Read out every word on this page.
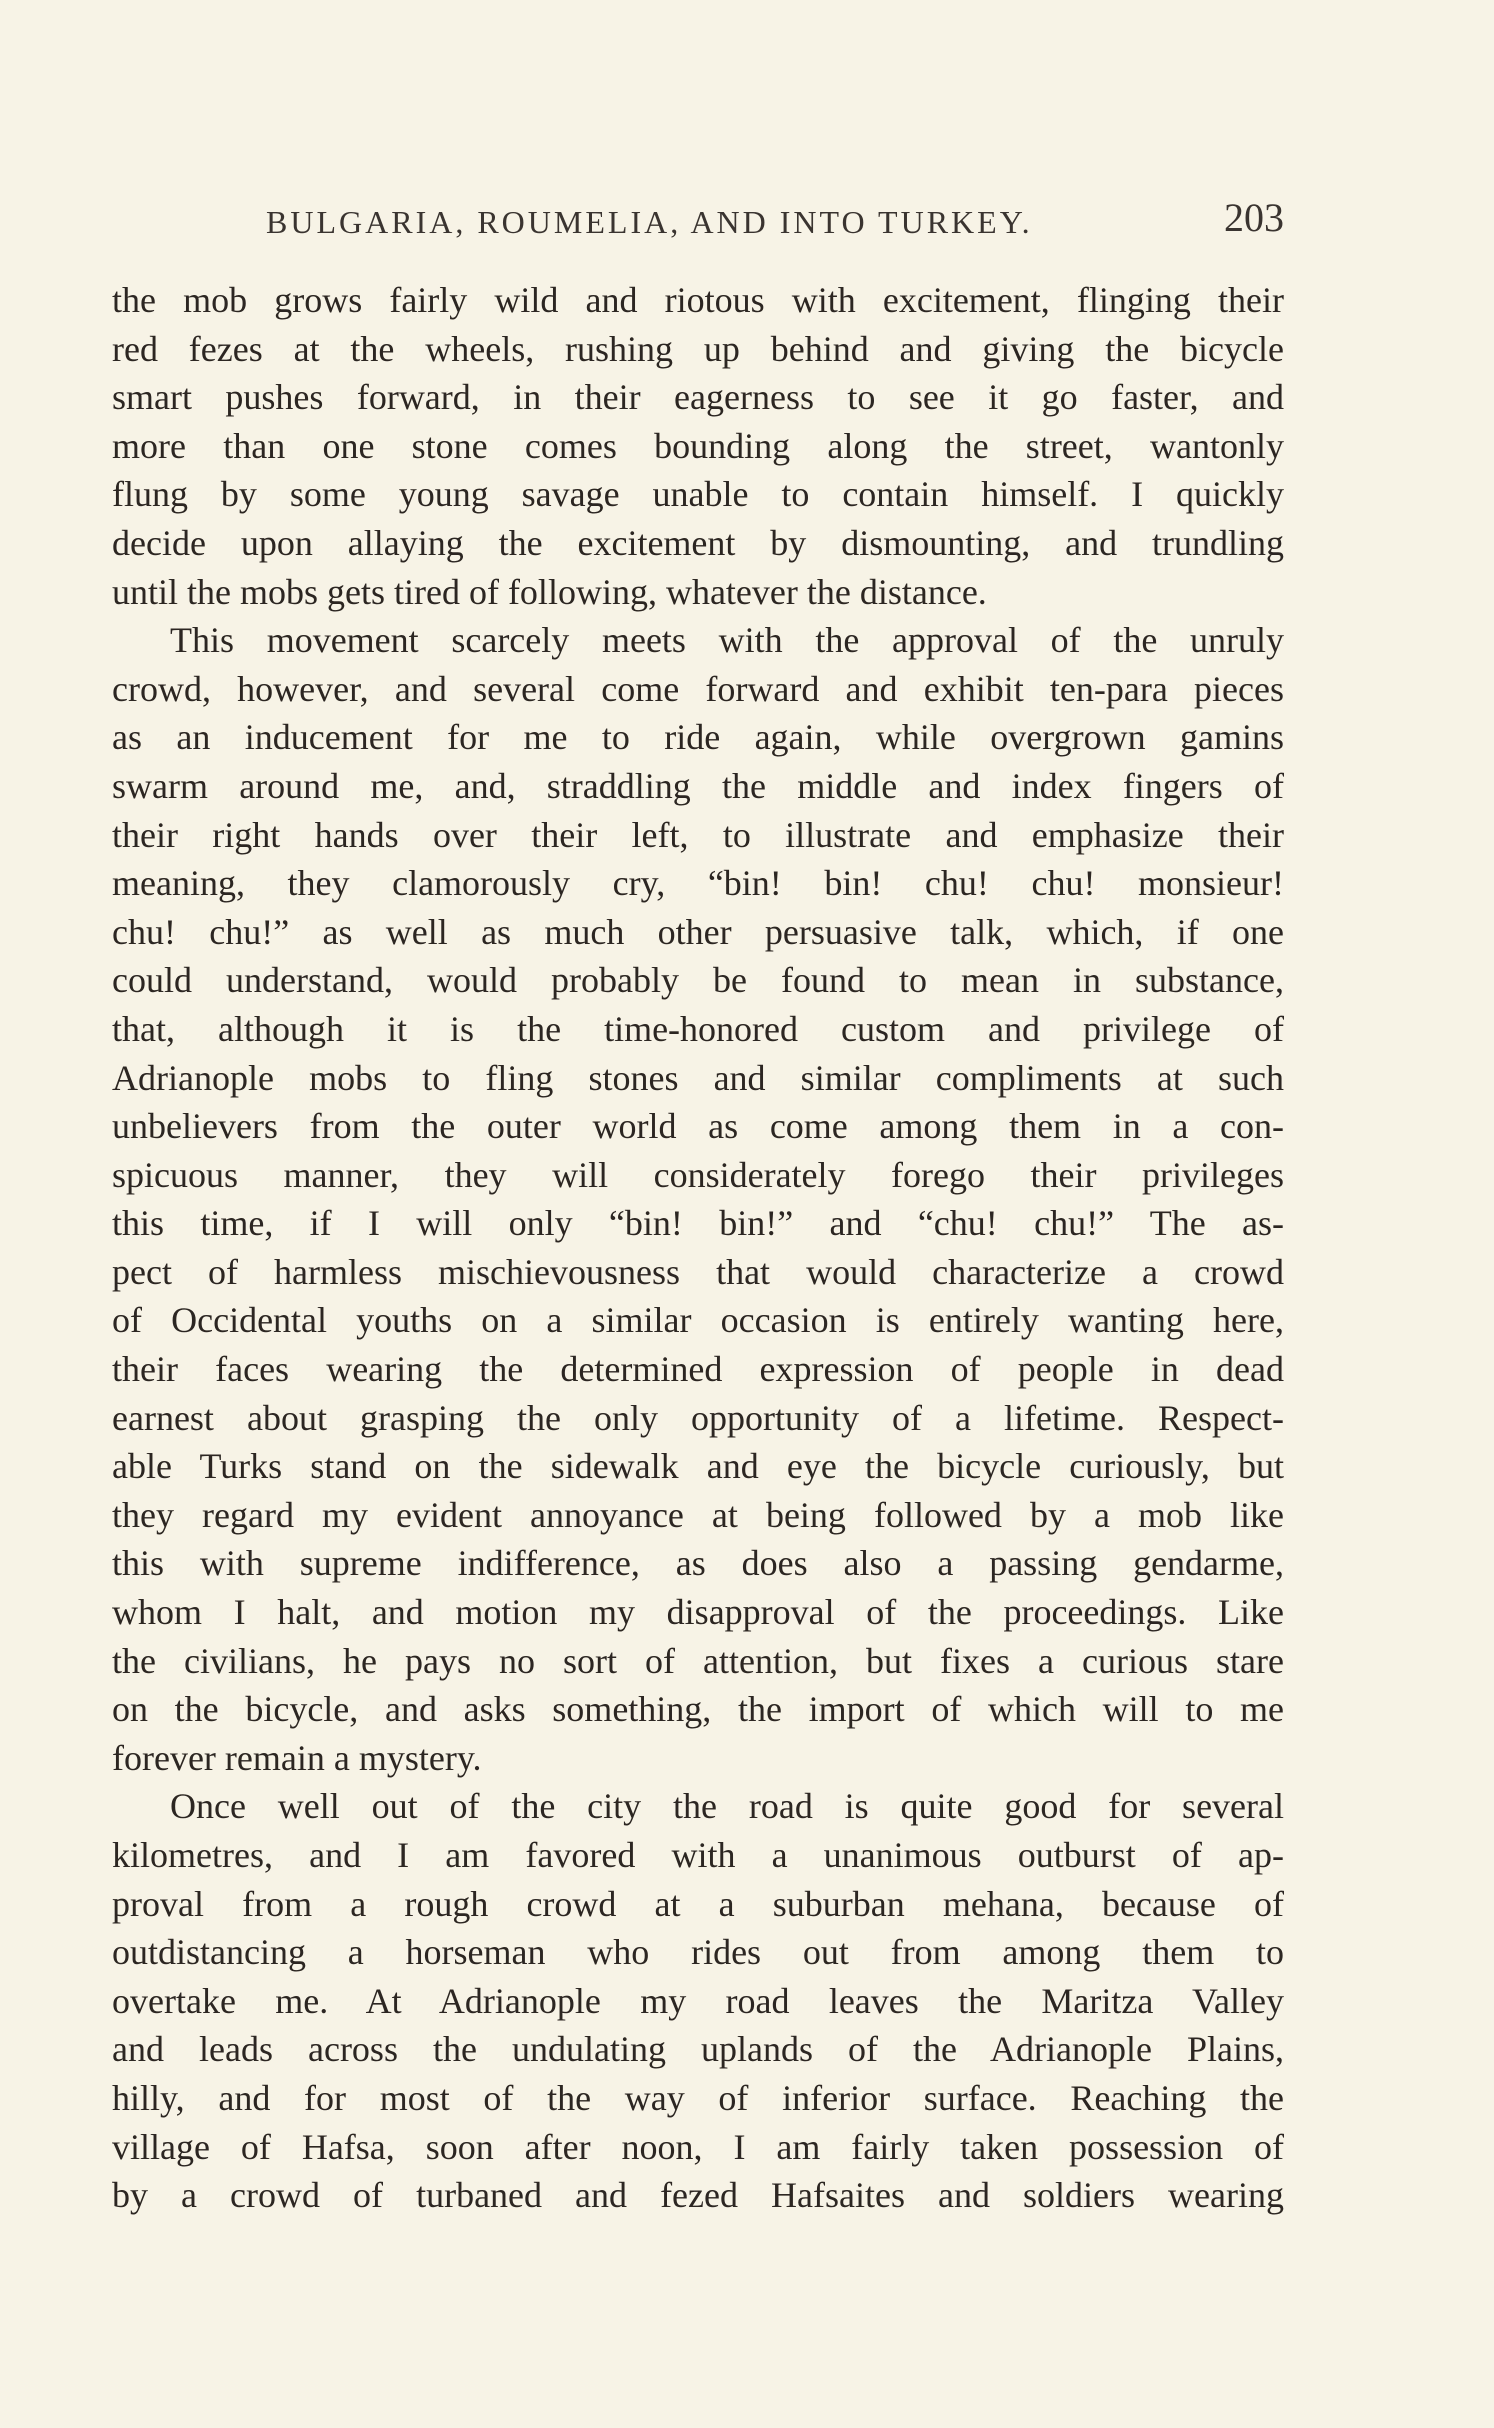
BULGARIA, ROUMELIA, AND INTO TURKEY.	203
the mob grows fairly wild and riotous with excitement, flinging their
red fezes at the wheels, rushing up behind and giving the bicycle
smart pushes forward, in their eagerness to see it go faster, and
more than one stone comes bounding along the street, wantonly
flung by some young savage unable to contain himself. I quickly
decide upon allaying the excitement by dismounting, and trundling
until the mobs gets tired of following, whatever the distance.
This movement scarcely meets with the approval of the unruly
crowd, however, and several come forward and exhibit ten-para pieces
as an inducement for me to ride again, while overgrown gamins
swarm around me, and, straddling the middle and index fingers of
their right hands over their left, to illustrate and emphasize their
meaning, they clamorously cry, “bin! bin! chu! chu! monsieur!
chu! chu!” as well as much other persuasive talk, which, if one
could understand, would probably be found to mean in substance,
that, although it is the time-honored custom and privilege of
Adrianople mobs to fling stones and similar compliments at such
unbelievers from the outer world as come among them in a con-
spicuous manner, they will considerately forego their privileges
this time, if I will only “bin! bin!” and “chu! chu!” The as-
pect of harmless mischievousness that would characterize a crowd
of Occidental youths on a similar occasion is entirely wanting here,
their faces wearing the determined expression of people in dead
earnest about grasping the only opportunity of a lifetime. Respect-
able Turks stand on the sidewalk and eye the bicycle curiously, but
they regard my evident annoyance at being followed by a mob like
this with supreme indifference, as does also a passing gendarme,
whom I halt, and motion my disapproval of the proceedings. Like
the civilians, he pays no sort of attention, but fixes a curious stare
on the bicycle, and asks something, the import of which will to me
forever remain a mystery.
Once well out of the city the road is quite good for several
kilometres, and I am favored with a unanimous outburst of ap-
proval from a rough crowd at a suburban mehana, because of
outdistancing a horseman who rides out from among them to
overtake me. At Adrianople my road leaves the Maritza Valley
and leads across the undulating uplands of the Adrianople Plains,
hilly, and for most of the way of inferior surface. Reaching the
village of Hafsa, soon after noon, I am fairly taken possession of
by a crowd of turbaned and fezed Hafsaites and soldiers wearing
